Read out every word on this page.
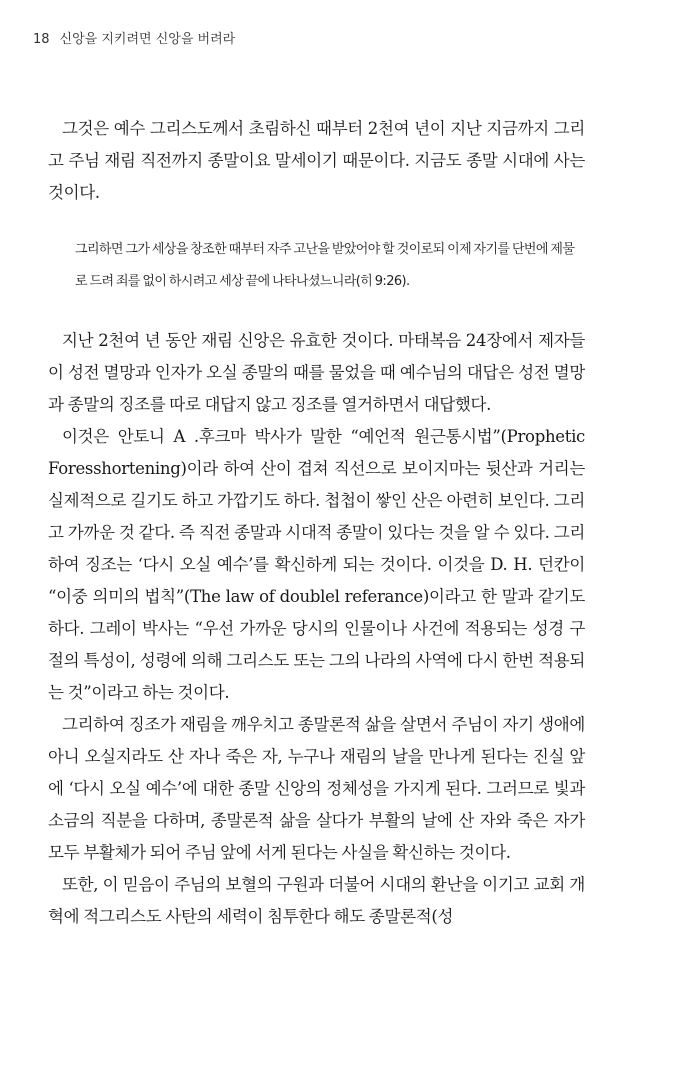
18 신앙을 지키려면 신앙을 버려라

그것은 예수 그리스도께서 초림하신 때부터 2천여 년이 지난 지금까지 그리고 주님 재림 직전까지 종말이요 말세이기 때문이다. 지금도 종말 시대에 사는 것이다.

그리하면 그가 세상을 창조한 때부터 자주 고난을 받았어야 할 것이로되 이제 자기를 단번에 제물로 드려 죄를 없이 하시려고 세상 끝에 나타나셨느니라(히 9:26).

지난 2천여 년 동안 재림 신앙은 유효한 것이다. 마태복음 24장에서 제자들이 성전 멸망과 인자가 오실 종말의 때를 물었을 때 예수님의 대답은 성전 멸망과 종말의 징조를 따로 대답지 않고 징조를 열거하면서 대답했다.

이것은 안토니 A .후크마 박사가 말한 “예언적 원근통시법”(Prophetic Foresshortening)이라 하여 산이 겹쳐 직선으로 보이지마는 뒷산과 거리는 실제적으로 길기도 하고 가깝기도 하다. 첩첩이 쌓인 산은 아련히 보인다. 그리고 가까운 것 같다. 즉 직전 종말과 시대적 종말이 있다는 것을 알 수 있다. 그리하여 징조는 ‘다시 오실 예수’를 확신하게 되는 것이다. 이것을 D. H. 던칸이 “이중 의미의 법칙”(The law of doublel referance)이라고 한 말과 같기도 하다. 그레이 박사는 “우선 가까운 당시의 인물이나 사건에 적용되는 성경 구절의 특성이, 성령에 의해 그리스도 또는 그의 나라의 사역에 다시 한번 적용되는 것”이라고 하는 것이다.

그리하여 징조가 재림을 깨우치고 종말론적 삶을 살면서 주님이 자기 생애에 아니 오실지라도 산 자나 죽은 자, 누구나 재림의 날을 만나게 된다는 진실 앞에 ‘다시 오실 예수’에 대한 종말 신앙의 정체성을 가지게 된다. 그러므로 빛과 소금의 직분을 다하며, 종말론적 삶을 살다가 부활의 날에 산 자와 죽은 자가 모두 부활체가 되어 주님 앞에 서게 된다는 사실을 확신하는 것이다.

또한, 이 믿음이 주님의 보혈의 구원과 더불어 시대의 환난을 이기고 교회 개혁에 적그리스도 사탄의 세력이 침투한다 해도 종말론적(성
